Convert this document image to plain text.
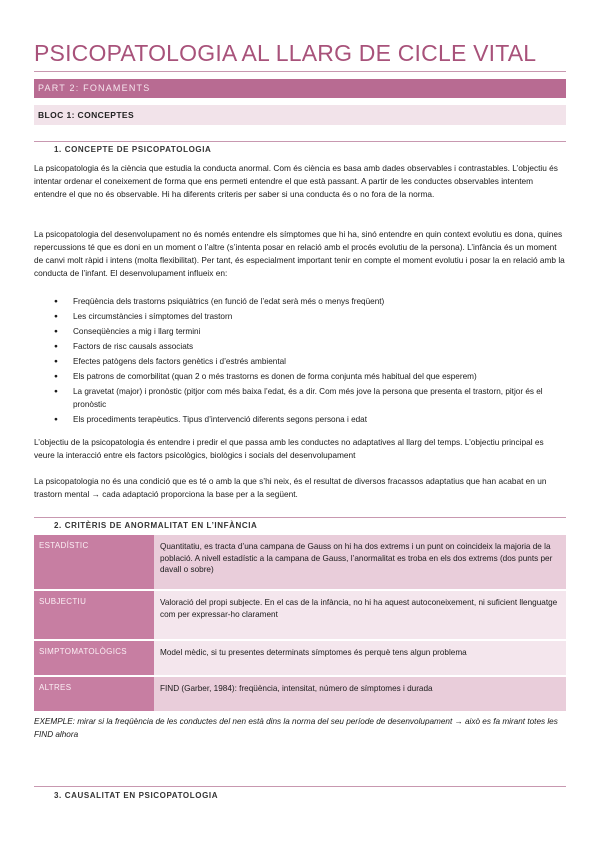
PSICOPATOLOGIA AL LLARG DE CICLE VITAL
PART 2: FONAMENTS
BLOC 1: CONCEPTES
1. CONCEPTE DE PSICOPATOLOGIA

La psicopatologia és la ciència que estudia la conducta anormal. Com és ciència es basa amb dades observables i contrastables. L’objectiu és intentar ordenar el coneixement de forma que ens permeti entendre el que està passant. A partir de les conductes observables intentem entendre el que no és observable. Hi ha diferents criteris per saber si una conducta és o no fora de la norma.

La psicopatologia del desenvolupament no és només entendre els símptomes que hi ha, sinó entendre en quin context evolutiu es dona, quines repercussions té que es doni en un moment o l’altre (s’intenta posar en relació amb el procés evolutiu de la persona). L’infància és un moment de canvi molt ràpid i intens (molta flexibilitat). Per tant, és especialment important tenir en compte el moment evolutiu i posar la en relació amb la conducta de l’infant. El desenvolupament influeix en:

● Freqüència dels trastorns psiquiàtrics (en funció de l’edat serà més o menys freqüent)
● Les circumstàncies i símptomes del trastorn
● Conseqüències a mig i llarg termini
● Factors de risc causals associats
● Efectes patògens dels factors genètics i d’estrés ambiental
● Els patrons de comorbilitat (quan 2 o més trastorns es donen de forma conjunta més habitual del que esperem)
● La gravetat (major) i pronòstic (pitjor com més baixa l’edat, és a dir. Com més jove la persona que presenta el trastorn, pitjor és el pronòstic
● Els procediments terapèutics. Tipus d’intervenció diferents segons persona i edat

L’objectiu de la psicopatologia és entendre i predir el que passa amb les conductes no adaptatives al llarg del temps. L’objectiu principal es veure la interacció entre els factors psicològics, biològics i socials del desenvolupament

La psicopatologia no és una condició que es té o amb la que s’hi neix, és el resultat de diversos fracassos adaptatius que han acabat en un trastorn mental → cada adaptació proporciona la base per a la següent.

2. CRITÈRIS DE ANORMALITAT EN L’INFÀNCIA
ESTADÍSTIC	Quantitatiu, es tracta d’una campana de Gauss on hi ha dos extrems i un punt on coincideix la majoria de la població. A nivell estadístic a la campana de Gauss, l’anormalitat es troba en els dos extrems (dos punts per davall o sobre)
SUBJECTIU	Valoració del propi subjecte. En el cas de la infància, no hi ha aquest autoconeixement, ni suficient llenguatge com per expressar-ho clarament
SIMPTOMATOLÒGICS	Model mèdic, si tu presentes determinats símptomes és perquè tens algun problema
ALTRES	FIND (Garber, 1984): freqüència, intensitat, número de símptomes i durada
EXEMPLE: mirar si la freqüència de les conductes del nen està dins la norma del seu període de desenvolupament → això es fa mirant totes les FIND alhora
3. CAUSALITAT EN PSICOPATOLOGIA
